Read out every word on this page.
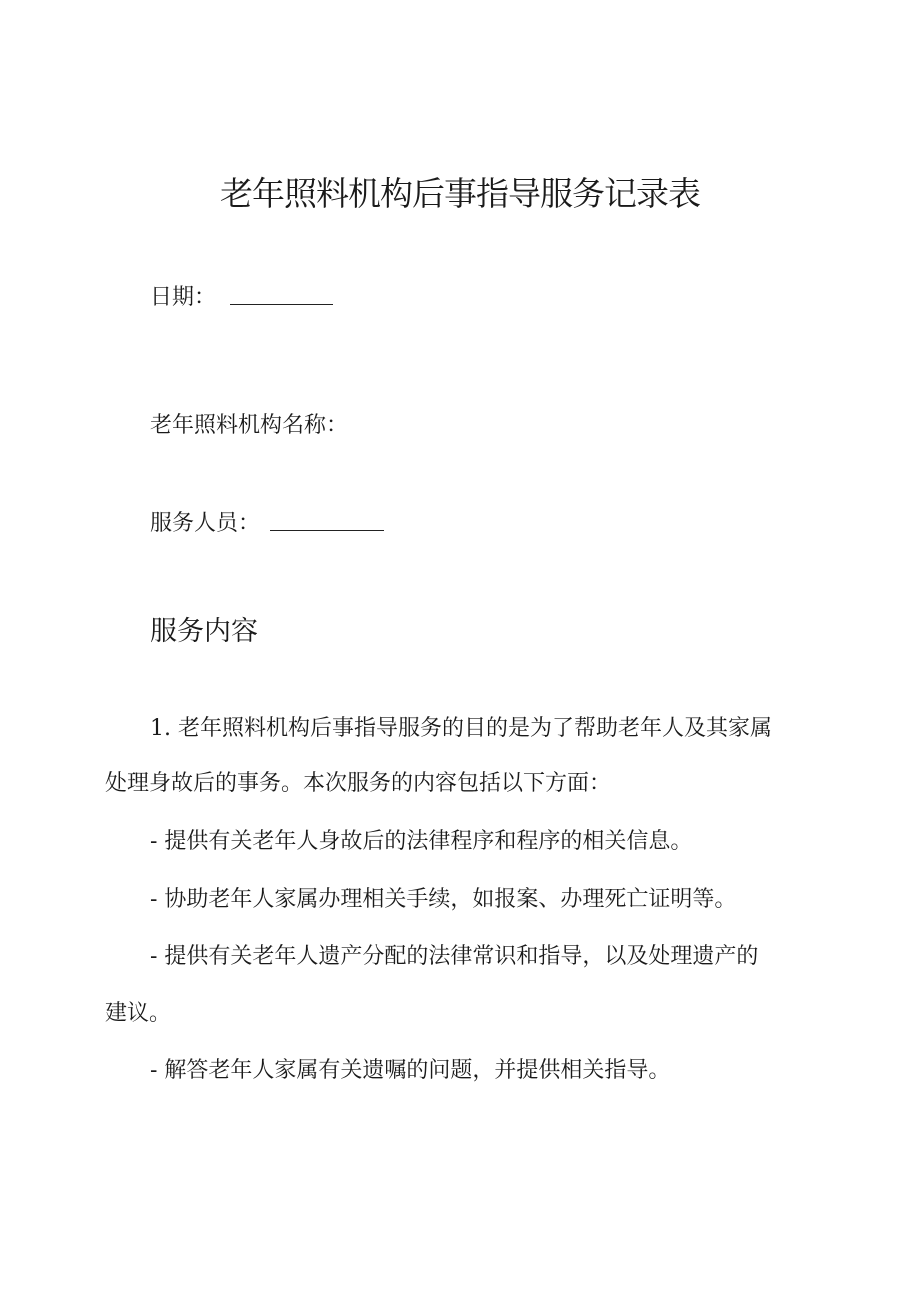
老年照料机构后事指导服务记录表
日期：
老年照料机构名称：
服务人员：
服务内容
1. 老年照料机构后事指导服务的目的是为了帮助老年人及其家属
处理身故后的事务。本次服务的内容包括以下方面：
- 提供有关老年人身故后的法律程序和程序的相关信息。
- 协助老年人家属办理相关手续，如报案、办理死亡证明等。
- 提供有关老年人遗产分配的法律常识和指导，以及处理遗产的
建议。
- 解答老年人家属有关遗嘱的问题，并提供相关指导。
